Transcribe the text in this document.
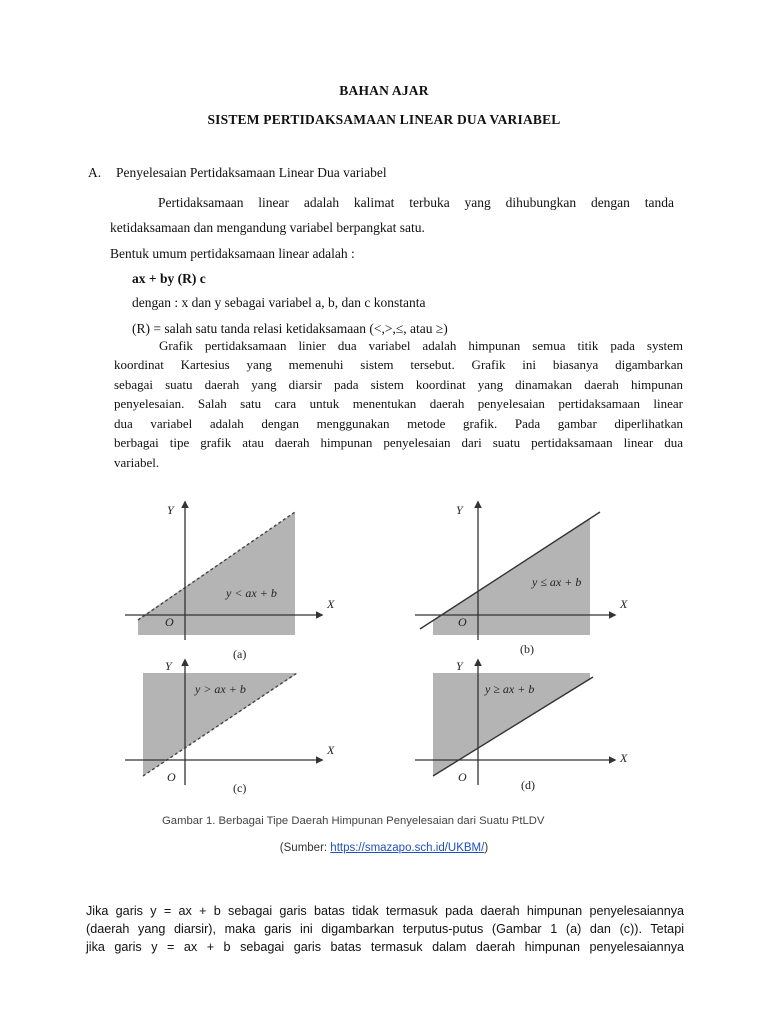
BAHAN AJAR
SISTEM PERTIDAKSAMAAN LINEAR DUA VARIABEL
A. Penyelesaian Pertidaksamaan Linear Dua variabel
Pertidaksamaan linear adalah kalimat terbuka yang dihubungkan dengan tanda
ketidaksamaan dan mengandung variabel berpangkat satu.
Bentuk umum pertidaksamaan linear adalah :
ax + by (R) c
dengan : x dan y sebagai variabel a, b, dan c konstanta
(R) = salah satu tanda relasi ketidaksamaan (<,>,≤, atau ≥)
Grafik pertidaksamaan linier dua variabel adalah himpunan semua titik pada system
koordinat Kartesius yang memenuhi sistem tersebut. Grafik ini biasanya digambarkan
sebagai suatu daerah yang diarsir pada sistem koordinat yang dinamakan daerah himpunan
penyelesaian. Salah satu cara untuk menentukan daerah penyelesaian pertidaksamaan linear
dua variabel adalah dengan menggunakan metode grafik. Pada gambar diperlihatkan
berbagai tipe grafik atau daerah himpunan penyelesaian dari suatu pertidaksamaan linear dua
variabel.
Y
X
O
y < ax + b
(a)
Y
X
O
y ≤ ax + b
(b)
Y
X
O
y > ax + b
(c)
Y
X
O
y ≥ ax + b
(d)
Gambar 1. Berbagai Tipe Daerah Himpunan Penyelesaian dari Suatu PtLDV
(Sumber: https://smazapo.sch.id/UKBM/)
Jika garis y = ax + b sebagai garis batas tidak termasuk pada daerah himpunan penyelesaiannya
(daerah yang diarsir), maka garis ini digambarkan terputus-putus (Gambar 1 (a) dan (c)). Tetapi
jika garis y = ax + b sebagai garis batas termasuk dalam daerah himpunan penyelesaiannya
